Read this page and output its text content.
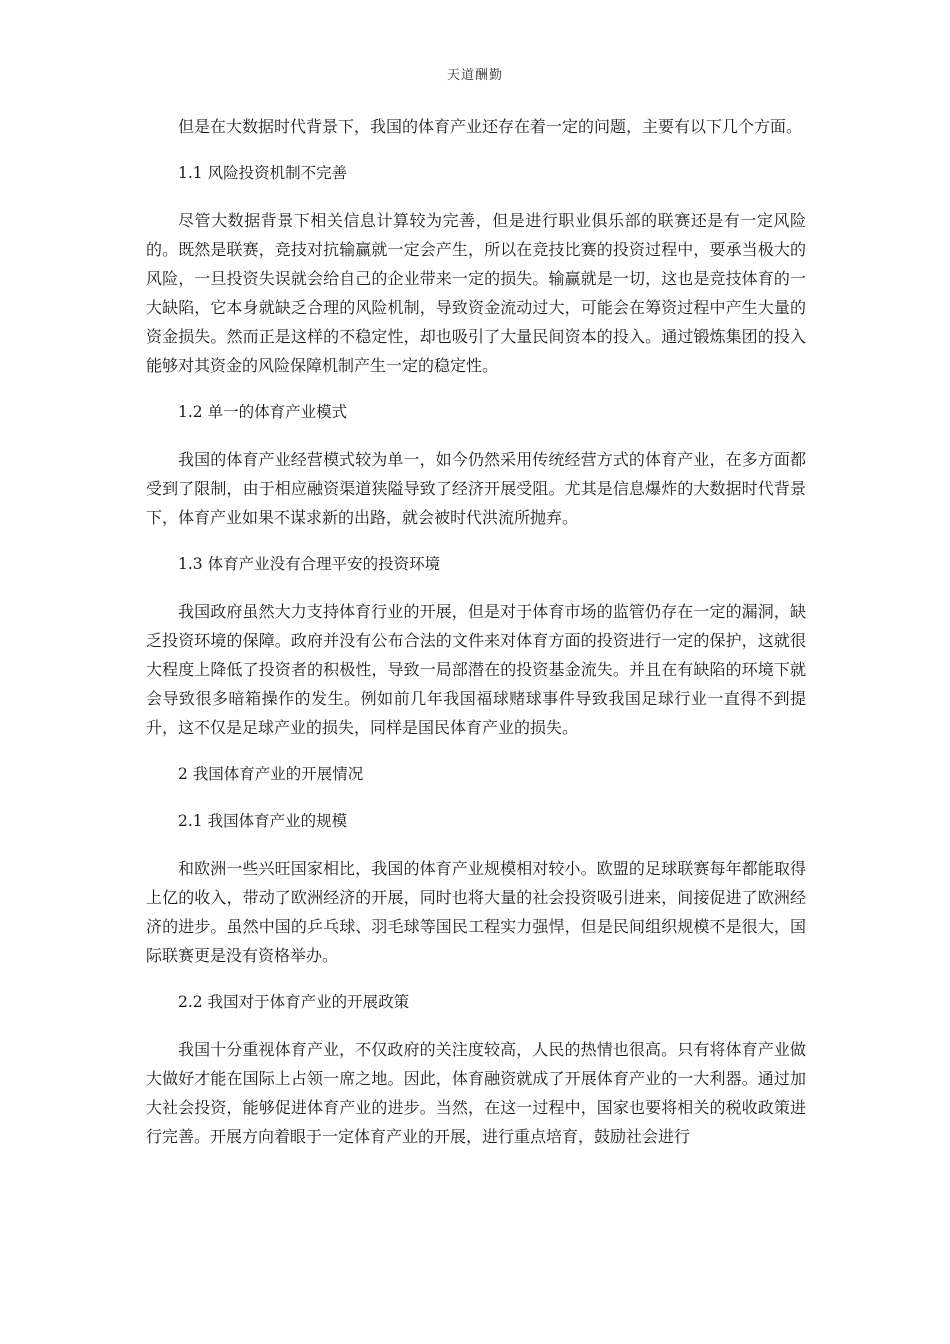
天道酬勤

但是在大数据时代背景下，我国的体育产业还存在着一定的问题，主要有以下几个方面。

1.1 风险投资机制不完善

尽管大数据背景下相关信息计算较为完善，但是进行职业俱乐部的联赛还是有一定风险的。既然是联赛，竞技对抗输赢就一定会产生，所以在竞技比赛的投资过程中，要承当极大的风险，一旦投资失误就会给自己的企业带来一定的损失。输赢就是一切，这也是竞技体育的一大缺陷，它本身就缺乏合理的风险机制，导致资金流动过大，可能会在筹资过程中产生大量的资金损失。然而正是这样的不稳定性，却也吸引了大量民间资本的投入。通过锻炼集团的投入能够对其资金的风险保障机制产生一定的稳定性。

1.2 单一的体育产业模式

我国的体育产业经营模式较为单一，如今仍然采用传统经营方式的体育产业，在多方面都受到了限制，由于相应融资渠道狭隘导致了经济开展受阻。尤其是信息爆炸的大数据时代背景下，体育产业如果不谋求新的出路，就会被时代洪流所抛弃。

1.3 体育产业没有合理平安的投资环境

我国政府虽然大力支持体育行业的开展，但是对于体育市场的监管仍存在一定的漏洞，缺乏投资环境的保障。政府并没有公布合法的文件来对体育方面的投资进行一定的保护，这就很大程度上降低了投资者的积极性，导致一局部潜在的投资基金流失。并且在有缺陷的环境下就会导致很多暗箱操作的发生。例如前几年我国福球赌球事件导致我国足球行业一直得不到提升，这不仅是足球产业的损失，同样是国民体育产业的损失。

2 我国体育产业的开展情况

2.1 我国体育产业的规模

和欧洲一些兴旺国家相比，我国的体育产业规模相对较小。欧盟的足球联赛每年都能取得上亿的收入，带动了欧洲经济的开展，同时也将大量的社会投资吸引进来，间接促进了欧洲经济的进步。虽然中国的乒乓球、羽毛球等国民工程实力强悍，但是民间组织规模不是很大，国际联赛更是没有资格举办。

2.2 我国对于体育产业的开展政策

我国十分重视体育产业，不仅政府的关注度较高，人民的热情也很高。只有将体育产业做大做好才能在国际上占领一席之地。因此，体育融资就成了开展体育产业的一大利器。通过加大社会投资，能够促进体育产业的进步。当然，在这一过程中，国家也要将相关的税收政策进行完善。开展方向着眼于一定体育产业的开展，进行重点培育，鼓励社会进行
